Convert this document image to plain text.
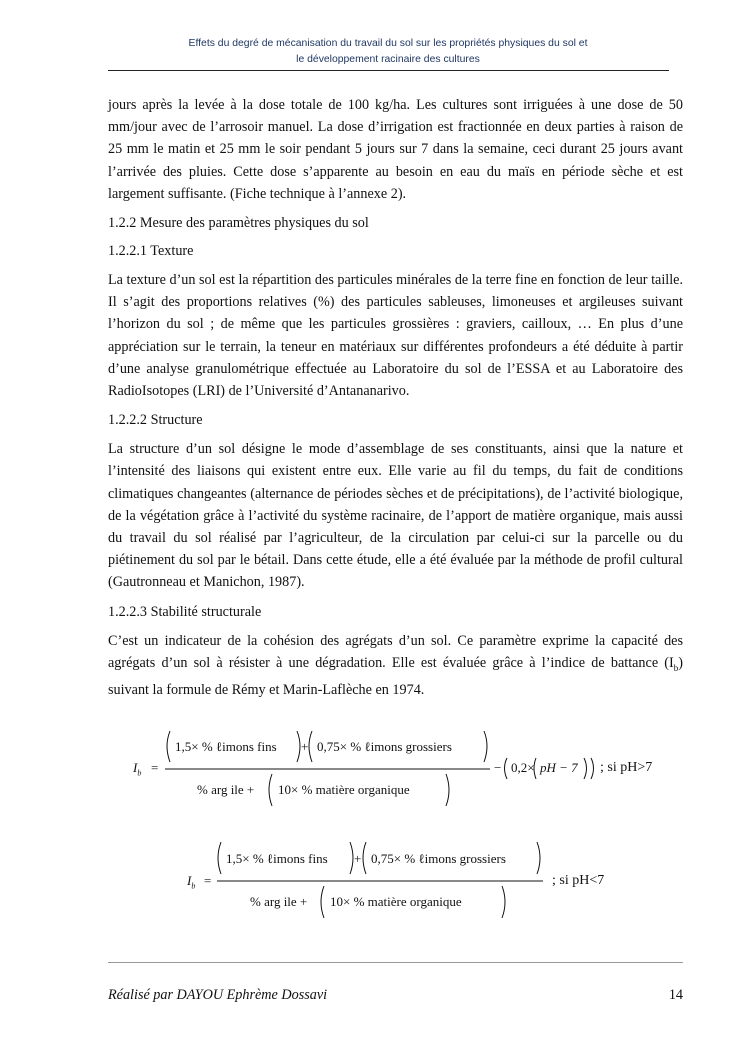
Effets du degré de mécanisation du travail du sol sur les propriétés physiques du sol et
le développement racinaire des cultures

jours après la levée à la dose totale de 100 kg/ha. Les cultures sont irriguées à une dose de 50 mm/jour avec de l’arrosoir manuel. La dose d’irrigation est fractionnée en deux parties à raison de 25 mm le matin et 25 mm le soir pendant 5 jours sur 7 dans la semaine, ceci durant 25 jours avant l’arrivée des pluies. Cette dose s’apparente au besoin en eau du maïs en période sèche et est largement suffisante. (Fiche technique à l’annexe 2).

1.2.2 Mesure des paramètres physiques du sol
1.2.2.1 Texture

La texture d’un sol est la répartition des particules minérales de la terre fine en fonction de leur taille. Il s’agit des proportions relatives (%) des particules sableuses, limoneuses et argileuses suivant l’horizon du sol ; de même que les particules grossières : graviers, cailloux, … En plus d’une appréciation sur le terrain, la teneur en matériaux sur différentes profondeurs a été déduite à partir d’une analyse granulométrique effectuée au Laboratoire du sol de l’ESSA et au Laboratoire des RadioIsotopes (LRI) de l’Université d’Antananarivo.

1.2.2.2 Structure

La structure d’un sol désigne le mode d’assemblage de ses constituants, ainsi que la nature et l’intensité des liaisons qui existent entre eux. Elle varie au fil du temps, du fait de conditions climatiques changeantes (alternance de périodes sèches et de précipitations), de l’activité biologique, de la végétation grâce à l’activité du système racinaire, de l’apport de matière organique, mais aussi du travail du sol réalisé par l’agriculteur, de la circulation par celui-ci sur la parcelle ou du piétinement du sol par le bétail. Dans cette étude, elle a été évaluée par la méthode de profil cultural (Gautronneau et Manichon, 1987).

1.2.2.3 Stabilité structurale

C’est un indicateur de la cohésion des agrégats d’un sol. Ce paramètre exprime la capacité des agrégats d’un sol à résister à une dégradation. Elle est évaluée grâce à l’indice de battance $(I_b)$ suivant la formule de Rémy et Marin-Laflèche en 1974.

$I_b$ =
1,5× % ℓimons fins + 0,75× % ℓimons grossiers
% arg ile + 10× % matière organique
− 0,2× pH − 7 ; si pH>7
$I_b$ =
1,5× % ℓimons fins + 0,75× % ℓimons grossiers
% arg ile + 10× % matière organique
; si pH<7
Réalisé par DAYOU Ephrème Dossavi	14
